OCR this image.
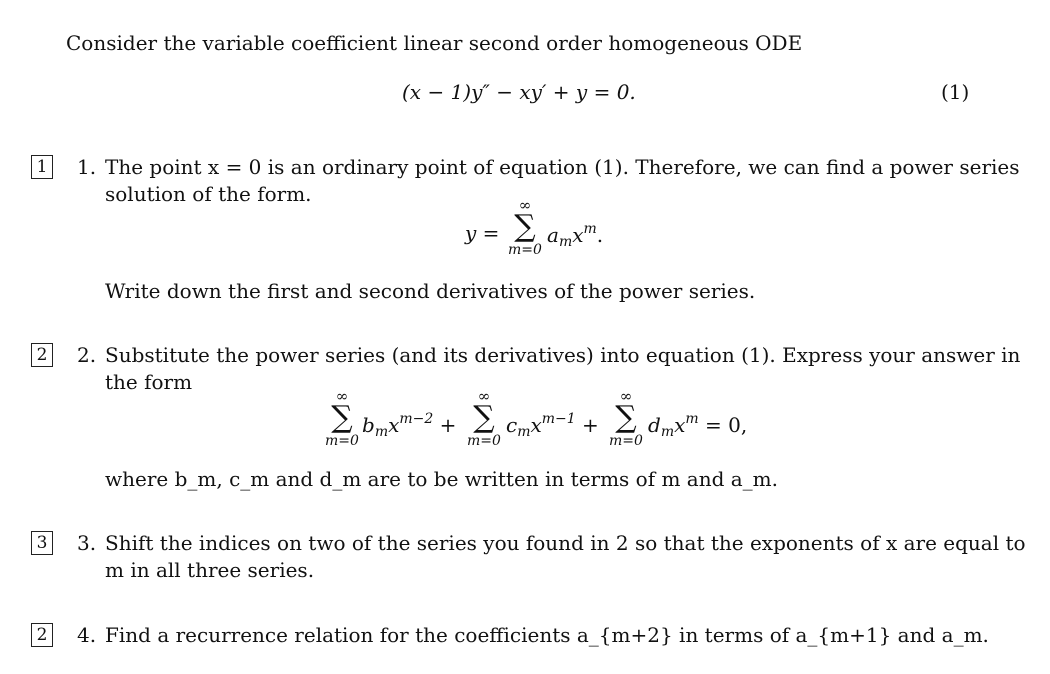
Consider the variable coefficient linear second order homogeneous ODE
(x − 1)y″ − xy′ + y = 0.	(1)
1 1. The point x = 0 is an ordinary point of equation (1). Therefore, we can find a power series
solution of the form.
y =
∞
∑
m=0
$a_mx^m$.
Write down the first and second derivatives of the power series.
2 2. Substitute the power series (and its derivatives) into equation (1). Express your answer in
the form
∞
∑
m=0
$b_mx^{m-2}$ +
∞
∑
m=0
$c_mx^{m-1}$ +
∞
∑
m=0
$d_mx^m = 0$,
where b_m, c_m and d_m are to be written in terms of m and a_m.
3 3. Shift the indices on two of the series you found in 2 so that the exponents of x are equal to
m in all three series.
2 4. Find a recurrence relation for the coefficients a_{m+2} in terms of a_{m+1} and a_m.
